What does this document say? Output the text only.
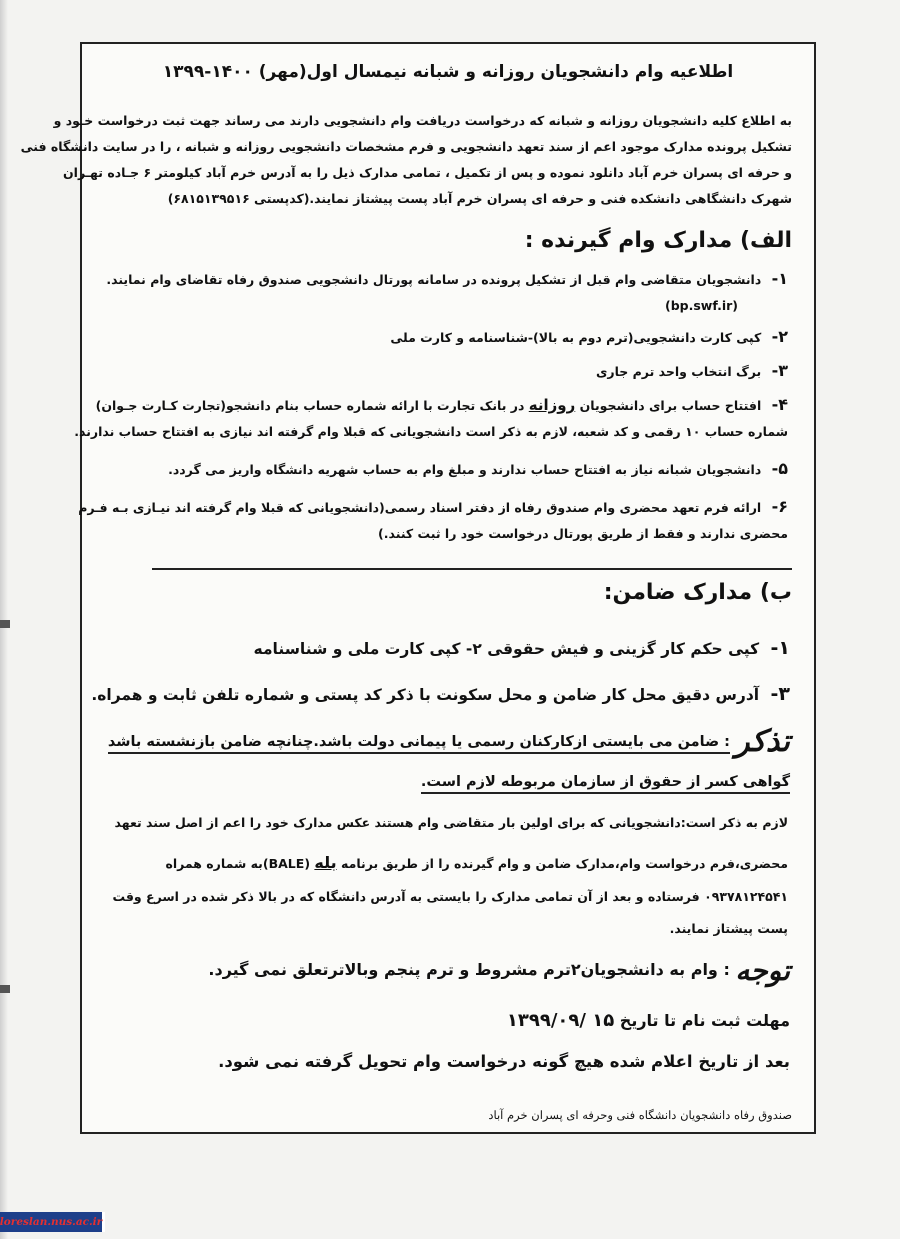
اطلاعیه وام دانشجویان روزانه و شبانه نیمسال اول(مهر) ۱۴۰۰-۱۳۹۹
به اطلاع کلیه دانشجویان روزانه و شبانه که درخواست دریافت وام دانشجویی دارند می رساند جهت ثبت درخواست خـود و
تشکیل پرونده مدارک موجود اعم از سند تعهد دانشجویی و فرم مشخصات دانشجویی روزانه و شبانه ، را در سایت دانشگاه فنی
و حرفه ای پسران خرم آباد دانلود نموده و پس از تکمیل ، تمامی مدارک ذیل را به آدرس خرم آباد کیلومتر ۶ جـاده تهـران
شهرک دانشگاهی دانشکده فنی و حرفه ای پسران خرم آباد پست پیشتاز نمایند.(کدپستی ۶۸۱۵۱۳۹۵۱۶)
الف) مدارک وام گیرنده :
۱- دانشجویان متقاضی وام قبل از تشکیل پرونده در سامانه پورتال دانشجویی صندوق رفاه تقاضای وام نمایند.
(bp.swf.ir)
۲- کپی کارت دانشجویی(ترم دوم به بالا)-شناسنامه و کارت ملی
۳- برگ انتخاب واحد ترم جاری
۴- افتتاح حساب برای دانشجویان روزانه در بانک تجارت با ارائه شماره حساب بنام دانشجو(تجارت کـارت جـوان)
شماره حساب ۱۰ رقمی و کد شعبه، لازم به ذکر است دانشجویانی که قبلا وام گرفته اند نیازی به افتتاح حساب ندارند.
۵- دانشجویان شبانه نیاز به افتتاح حساب ندارند و مبلغ وام به حساب شهریه دانشگاه واریز می گردد.
۶- ارائه فرم تعهد محضری وام صندوق رفاه از دفتر اسناد رسمی(دانشجویانی که قبلا وام گرفته اند نیـازی بـه فـرم
محضری ندارند و فقط از طریق پورتال درخواست خود را ثبت کنند.)
ب) مدارک ضامن:
۱- کپی حکم کار گزینی و فیش حقوقی ۲- کپی کارت ملی و شناسنامه
۳- آدرس دقیق محل کار ضامن و محل سکونت با ذکر کد پستی و شماره تلفن ثابت و همراه.
تذکر : ضامن می بایستی ازکارکنان رسمی یا پیمانی دولت باشد.چنانچه ضامن بازنشسته باشد
گواهی کسر از حقوق از سازمان مربوطه لازم است.
لازم به ذکر است:دانشجویانی که برای اولین بار متقاضی وام هستند عکس مدارک خود را اعم از اصل سند تعهد
محضری،فرم درخواست وام،مدارک ضامن و وام گیرنده را از طریق برنامه بله (BALE)به شماره همراه
۰۹۳۷۸۱۲۴۵۴۱ فرستاده و بعد از آن تمامی مدارک را بایستی به آدرس دانشگاه که در بالا ذکر شده در اسرع وقت
پست پیشتاز نمایند.
توجه : وام به دانشجویان۲ترم مشروط و ترم پنجم وبالاترتعلق نمی گیرد.
مهلت ثبت نام تا تاریخ ۱۵ /۱۳۹۹/۰۹
بعد از تاریخ اعلام شده هیچ گونه درخواست وام تحویل گرفته نمی شود.
صندوق رفاه دانشجویان دانشگاه فنی وحرفه ای پسران خرم آباد
loreslan.nus.ac.ir
